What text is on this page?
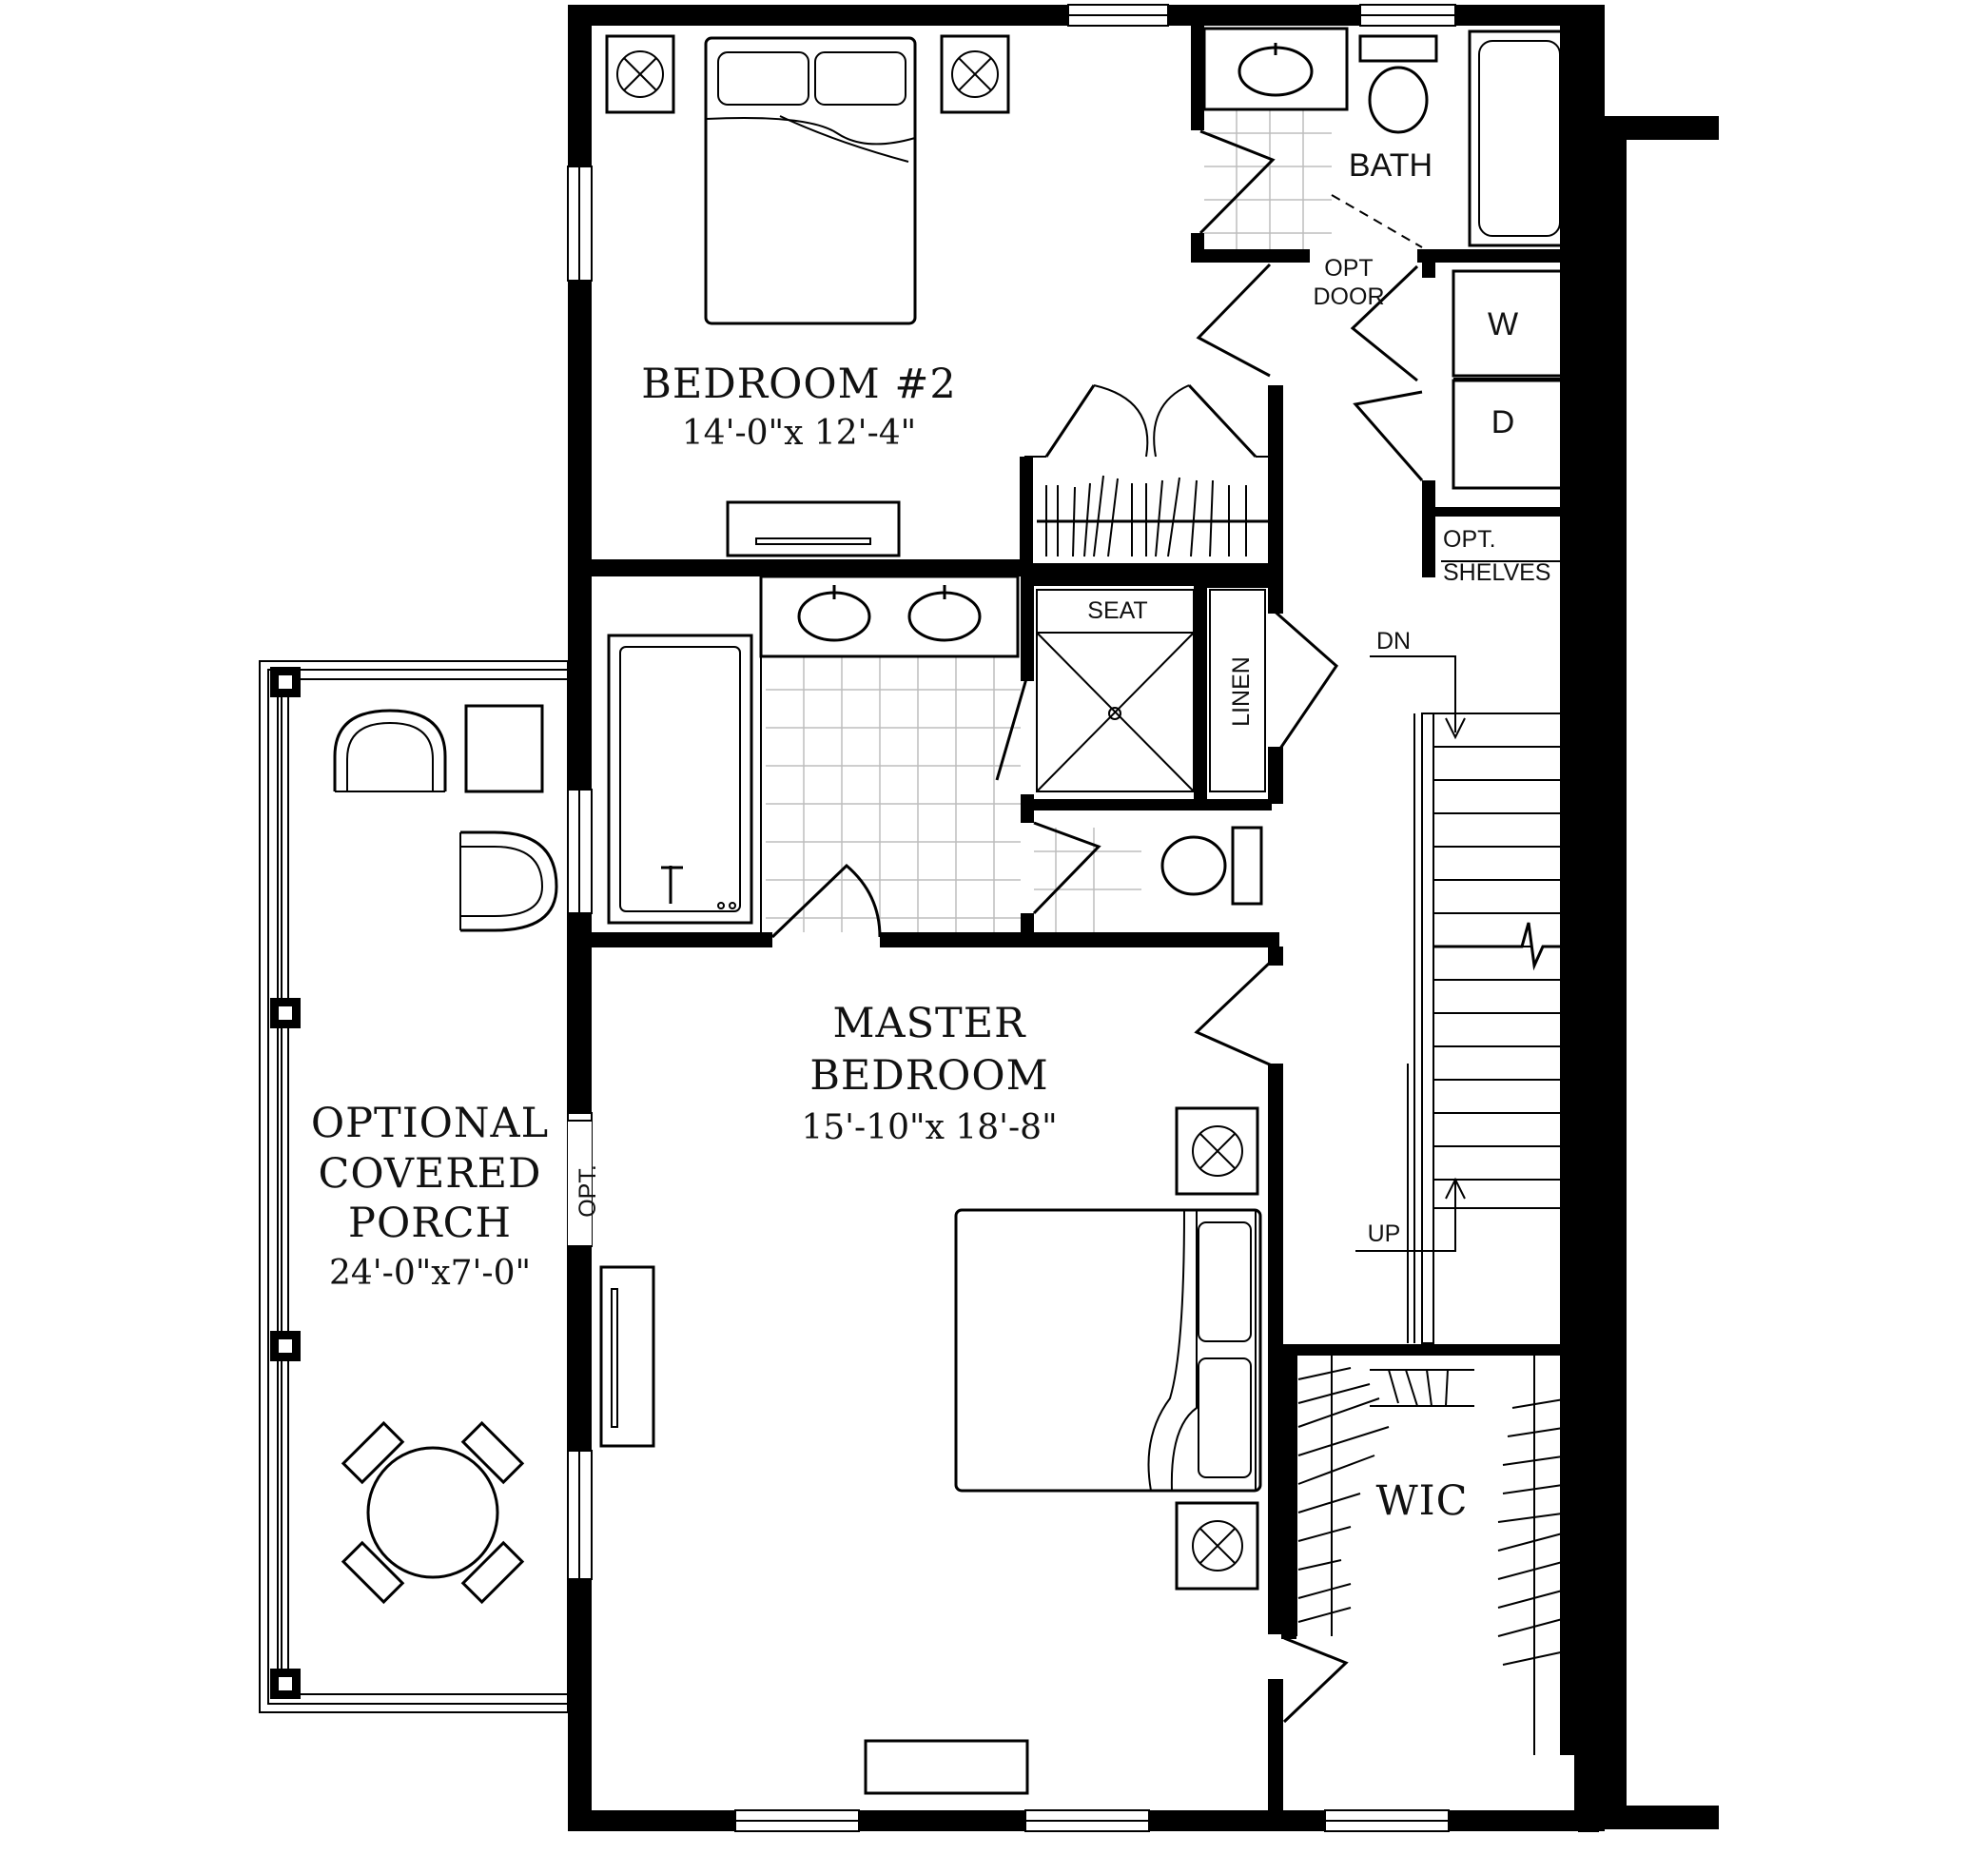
BEDROOM #2
14'-0"x 12'-4"
BATH
OPT
DOOR
W
D
OPT.
SHELVES
SEAT
LINEN
DN
UP
MASTER
BEDROOM
15'-10"x 18'-8"
OPTIONAL
COVERED
PORCH
24'-0"x7'-0"
OPT.
WIC
